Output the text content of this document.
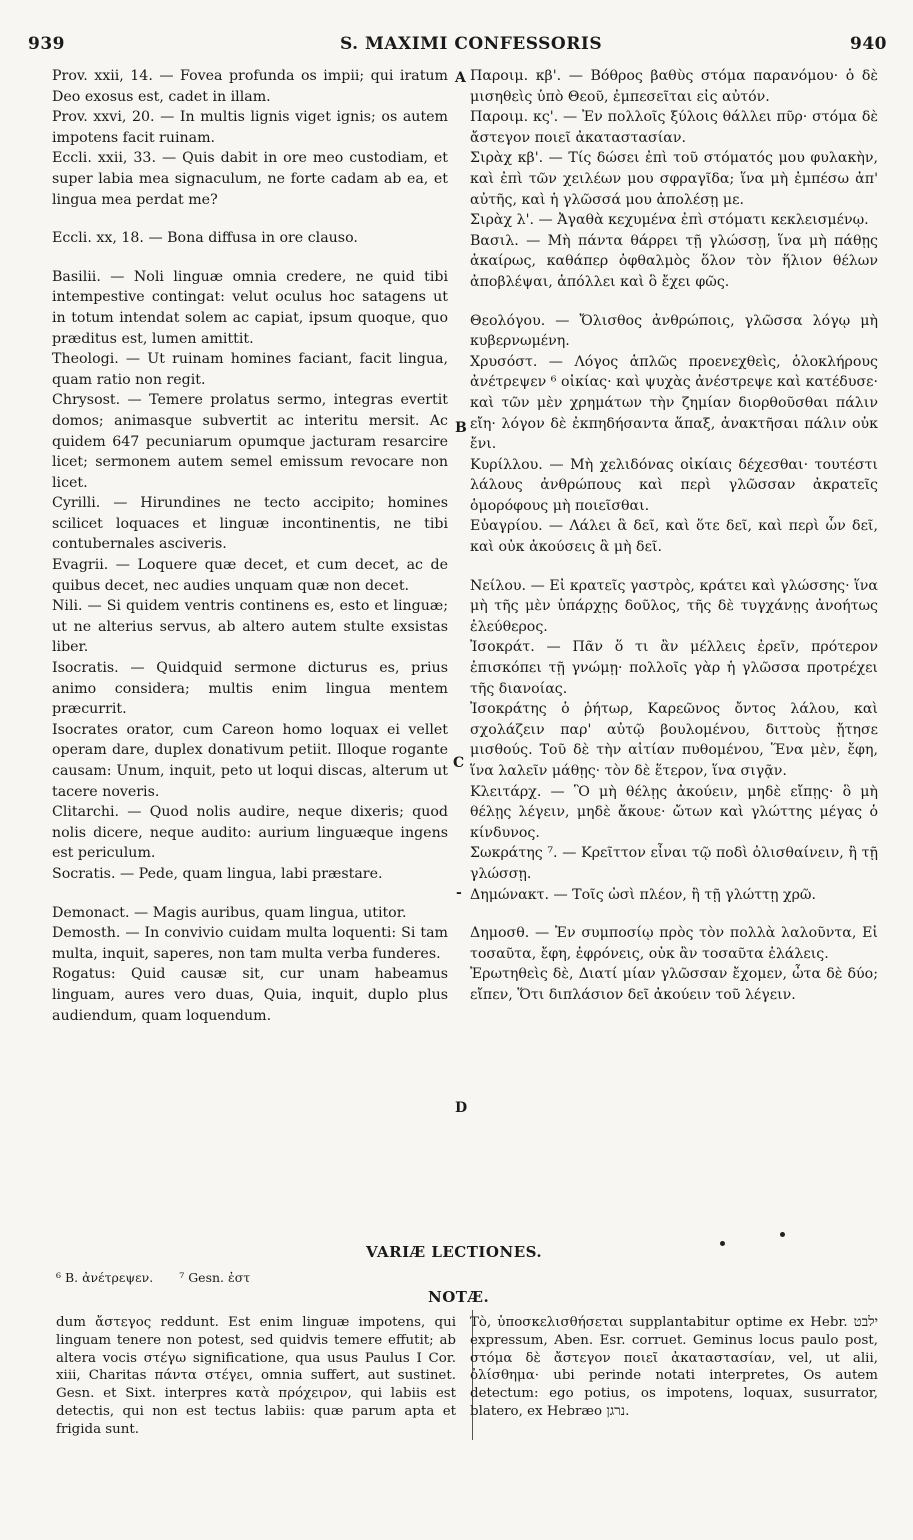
939	S. MAXIMI CONFESSORIS	940

Prov. xxii, 14. — Fovea profunda os impii; qui iratum Deo exosus est, cadet in illam.

Prov. xxvi, 20. — In multis lignis viget ignis; os autem impotens facit ruinam.

Eccli. xxii, 33. — Quis dabit in ore meo custodiam, et super labia mea signaculum, ne forte cadam ab ea, et lingua mea perdat me?

Eccli. xx, 18. — Bona diffusa in ore clauso.

Basilii. — Noli linguæ omnia credere, ne quid tibi intempestive contingat: velut oculus hoc satagens ut in totum intendat solem ac capiat, ipsum quoque, quo præditus est, lumen amittit.

Theologi. — Ut ruinam homines faciant, facit lingua, quam ratio non regit.

Chrysost. — Temere prolatus sermo, integras evertit domos; animasque subvertit ac interitu mersit. Ac quidem 647 pecuniarum opumque jacturam resarcire licet; sermonem autem semel emissum revocare non licet.

Cyrilli. — Hirundines ne tecto accipito; homines scilicet loquaces et linguæ incontinentis, ne tibi contubernales asciveris.

Evagrii. — Loquere quæ decet, et cum decet, ac de quibus decet, nec audies unquam quæ non decet.

Nili. — Si quidem ventris continens es, esto et linguæ; ut ne alterius servus, ab altero autem stulte exsistas liber.

Isocratis. — Quidquid sermone dicturus es, prius animo considera; multis enim lingua mentem præcurrit.

Isocrates orator, cum Careon homo loquax ei vellet operam dare, duplex donativum petiit. Illoque rogante causam: Unum, inquit, peto ut loqui discas, alterum ut tacere noveris.

Clitarchi. — Quod nolis audire, neque dixeris; quod nolis dicere, neque audito: aurium linguæque ingens est periculum.

Socratis. — Pede, quam lingua, labi præstare.

Demonact. — Magis auribus, quam lingua, utitor.

Demosth. — In convivio cuidam multa loquenti: Si tam multa, inquit, saperes, non tam multa verba funderes.

Rogatus: Quid causæ sit, cur unam habeamus linguam, aures vero duas, Quia, inquit, duplo plus audiendum, quam loquendum.

Παροιμ. κβ'. — Βόθρος βαθὺς στόμα παρανόμου· ὁ δὲ μισηθεὶς ὑπὸ Θεοῦ, ἐμπεσεῖται εἰς αὐτόν.

Παροιμ. κς'. — Ἐν πολλοῖς ξύλοις θάλλει πῦρ· στόμα δὲ ἄστεγον ποιεῖ ἀκαταστασίαν.

Σιρὰχ κβ'. — Τίς δώσει ἐπὶ τοῦ στόματός μου φυλακὴν, καὶ ἐπὶ τῶν χειλέων μου σφραγῖδα; ἵνα μὴ ἐμπέσω ἀπ' αὐτῆς, καὶ ἡ γλῶσσά μου ἀπολέσῃ με.

Σιρὰχ λ'. — Ἀγαθὰ κεχυμένα ἐπὶ στόματι κεκλεισμένῳ.

Βασιλ. — Μὴ πάντα θάρρει τῇ γλώσσῃ, ἵνα μὴ πάθῃς ἀκαίρως, καθάπερ ὀφθαλμὸς ὅλον τὸν ἥλιον θέλων ἀποβλέψαι, ἀπόλλει καὶ ὃ ἔχει φῶς.

Θεολόγου. — Ὄλισθος ἀνθρώποις, γλῶσσα λόγῳ μὴ κυβερνωμένη.

Χρυσόστ. — Λόγος ἁπλῶς προενεχθεὶς, ὁλοκλήρους ἀνέτρεψεν ⁶ οἰκίας· καὶ ψυχὰς ἀνέστρεψε καὶ κατέδυσε· καὶ τῶν μὲν χρημάτων τὴν ζημίαν διορθοῦσθαι πάλιν εἴη· λόγον δὲ ἐκπηδήσαντα ἅπαξ, ἀνακτῆσαι πάλιν οὐκ ἔνι.

Κυρίλλου. — Μὴ χελιδόνας οἰκίαις δέχεσθαι· τουτέστι λάλους ἀνθρώπους καὶ περὶ γλῶσσαν ἀκρατεῖς ὁμορόφους μὴ ποιεῖσθαι.

Εὐαγρίου. — Λάλει ἃ δεῖ, καὶ ὅτε δεῖ, καὶ περὶ ὧν δεῖ, καὶ οὐκ ἀκούσεις ἃ μὴ δεῖ.

Νείλου. — Εἰ κρατεῖς γαστρὸς, κράτει καὶ γλώσσης· ἵνα μὴ τῆς μὲν ὑπάρχῃς δοῦλος, τῆς δὲ τυγχάνῃς ἀνοήτως ἐλεύθερος.

Ἰσοκράτ. — Πᾶν ὅ τι ἂν μέλλεις ἐρεῖν, πρότερον ἐπισκόπει τῇ γνώμῃ· πολλοῖς γὰρ ἡ γλῶσσα προτρέχει τῆς διανοίας.

Ἰσοκράτης ὁ ῥήτωρ, Καρεῶνος ὄντος λάλου, καὶ σχολάζειν παρ' αὐτῷ βουλομένου, διττοὺς ᾔτησε μισθούς. Τοῦ δὲ τὴν αἰτίαν πυθομένου, Ἕνα μὲν, ἔφη, ἵνα λαλεῖν μάθῃς· τὸν δὲ ἕτερον, ἵνα σιγᾷν.

Κλειτάρχ. — Ὃ μὴ θέλῃς ἀκούειν, μηδὲ εἴπῃς· ὃ μὴ θέλῃς λέγειν, μηδὲ ἄκουε· ὤτων καὶ γλώττης μέγας ὁ κίνδυνος.

Σωκράτης ⁷. — Κρεῖττον εἶναι τῷ ποδὶ ὀλισθαίνειν, ἢ τῇ γλώσσῃ.

Δημώνακτ. — Τοῖς ὠσὶ πλέον, ἢ τῇ γλώττῃ χρῶ.

Δημοσθ. — Ἐν συμποσίῳ πρὸς τὸν πολλὰ λαλοῦντα, Εἰ τοσαῦτα, ἔφη, ἐφρόνεις, οὐκ ἂν τοσαῦτα ἐλάλεις.

Ἐρωτηθεὶς δὲ, Διατί μίαν γλῶσσαν ἔχομεν, ὦτα δὲ δύο; εἴπεν, Ὅτι διπλάσιον δεῖ ἀκούειν τοῦ λέγειν.

A
B
C
-
D
VARIÆ LECTIONES.
⁶ B. ἀνέτρεψεν. ⁷ Gesn. ἐστ
NOTÆ.

dum ἄστεγος reddunt. Est enim linguæ impotens, qui linguam tenere non potest, sed quidvis temere effutit; ab altera vocis στέγω significatione, qua usus Paulus I Cor. xiii, Charitas πάντα στέγει, omnia suffert, aut sustinet. Gesn. et Sixt. interpres κατὰ πρόχειρον, qui labiis est detectis, qui non est tectus labiis: quæ parum apta et frigida sunt.

Τὸ, ὑποσκελισθήσεται supplantabitur optime ex Hebr. ילבט expressum, Aben. Esr. corruet. Geminus locus paulo post, στόμα δὲ ἄστεγον ποιεῖ ἀκαταστασίαν, vel, ut alii, ὀλίσθημα· ubi perinde notati interpretes, Os autem detectum: ego potius, os impotens, loquax, susurrator, blatero, ex Hebræo נרגן.
